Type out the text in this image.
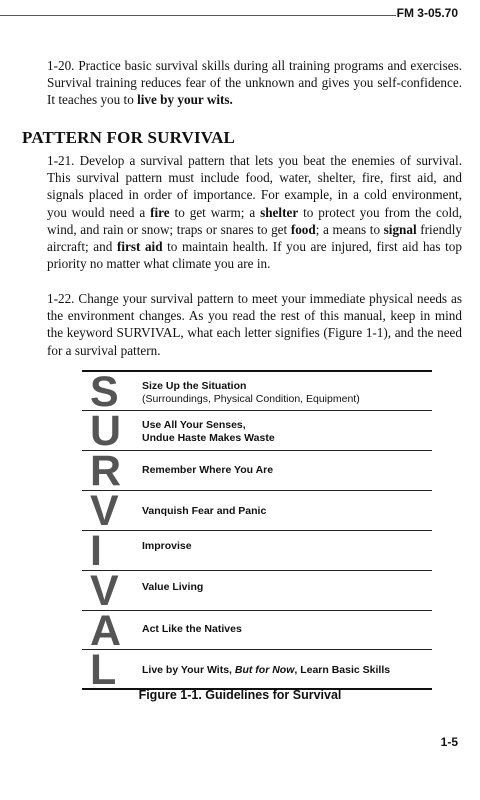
FM 3-05.70

1-20. Practice basic survival skills during all training programs and exercises. Survival training reduces fear of the unknown and gives you self-confidence. It teaches you to live by your wits.

PATTERN FOR SURVIVAL

1-21. Develop a survival pattern that lets you beat the enemies of survival. This survival pattern must include food, water, shelter, fire, first aid, and signals placed in order of importance. For example, in a cold environment, you would need a fire to get warm; a shelter to protect you from the cold, wind, and rain or snow; traps or snares to get food; a means to signal friendly aircraft; and first aid to maintain health. If you are injured, first aid has top priority no matter what climate you are in.

1-22. Change your survival pattern to meet your immediate physical needs as the environment changes. As you read the rest of this manual, keep in mind the keyword SURVIVAL, what each letter signifies (Figure 1-1), and the need for a survival pattern.

S Size Up the Situation
(Surroundings, Physical Condition, Equipment)
U Use All Your Senses,
Undue Haste Makes Waste
R Remember Where You Are
V Vanquish Fear and Panic
I	Improvise
V Value Living
A Act Like the Natives
L Live by Your Wits, But for Now, Learn Basic Skills
Figure 1-1. Guidelines for Survival
1-5
